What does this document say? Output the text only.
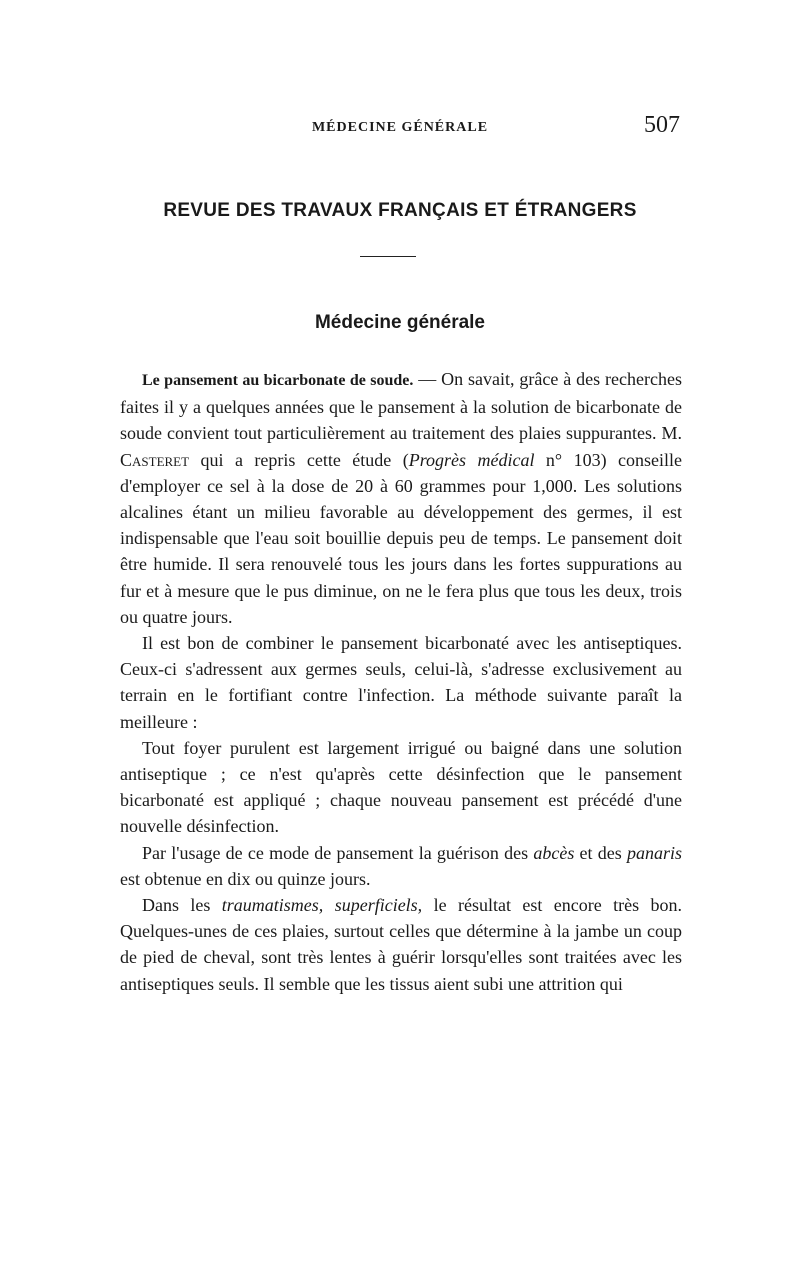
MÉDECINE GÉNÉRALE	507
REVUE DES TRAVAUX FRANÇAIS ET ÉTRANGERS
Médecine générale

Le pansement au bicarbonate de soude. — On savait, grâce à des recherches faites il y a quelques années que le pansement à la solution de bicarbonate de soude convient tout particulièrement au traitement des plaies suppurantes. M. Casteret qui a repris cette étude (Progrès médical n° 103) conseille d'employer ce sel à la dose de 20 à 60 grammes pour 1,000. Les solutions alcalines étant un milieu favorable au développement des germes, il est indispensable que l'eau soit bouillie depuis peu de temps. Le pansement doit être humide. Il sera renouvelé tous les jours dans les fortes suppurations au fur et à mesure que le pus diminue, on ne le fera plus que tous les deux, trois ou quatre jours.

Il est bon de combiner le pansement bicarbonaté avec les antiseptiques. Ceux-ci s'adressent aux germes seuls, celui-là, s'adresse exclusivement au terrain en le fortifiant contre l'infection. La méthode suivante paraît la meilleure :

Tout foyer purulent est largement irrigué ou baigné dans une solution antiseptique ; ce n'est qu'après cette désinfection que le pansement bicarbonaté est appliqué ; chaque nouveau pansement est précédé d'une nouvelle désinfection.

Par l'usage de ce mode de pansement la guérison des abcès et des panaris est obtenue en dix ou quinze jours.

Dans les traumatismes, superficiels, le résultat est encore très bon. Quelques-unes de ces plaies, surtout celles que détermine à la jambe un coup de pied de cheval, sont très lentes à guérir lorsqu'elles sont traitées avec les antiseptiques seuls. Il semble que les tissus aient subi une attrition qui
